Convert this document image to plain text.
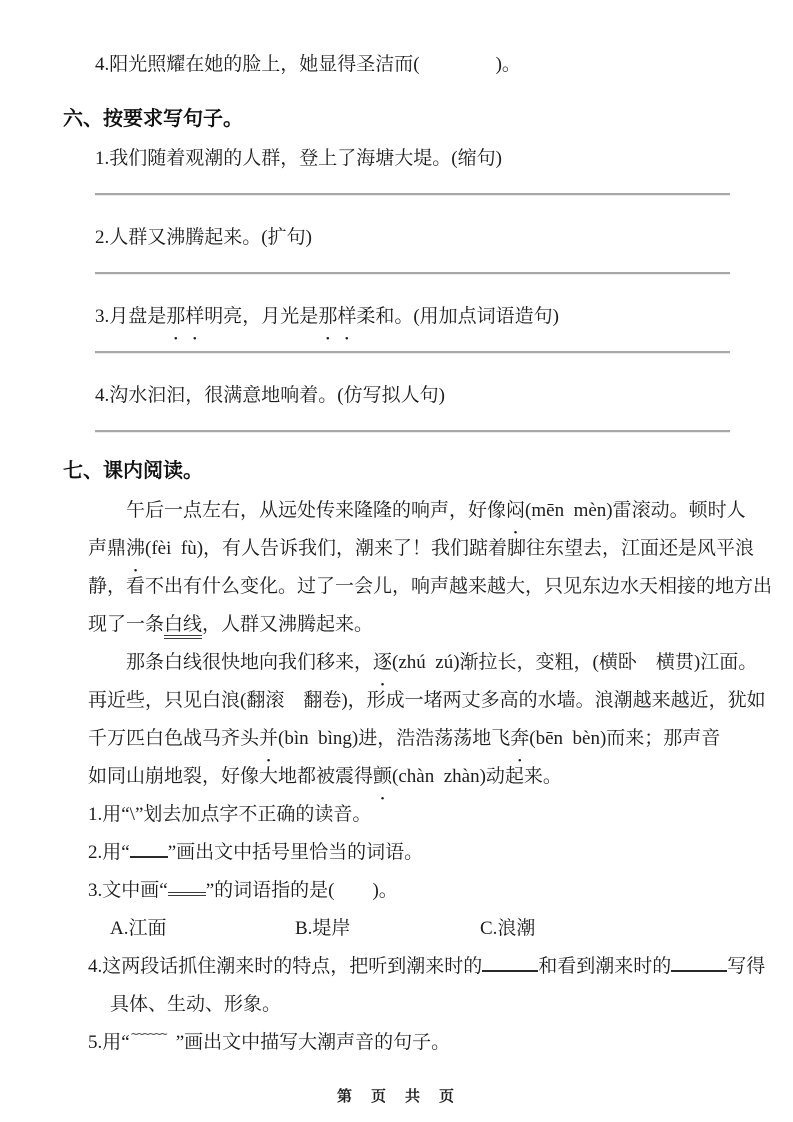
4.阳光照耀在她的脸上，她显得圣洁而(　　　　)。
六、按要求写句子。
1.我们随着观潮的人群，登上了海塘大堤。(缩句)
2.人群又沸腾起来。(扩句)
3.月盘是那样明亮，月光是那样柔和。(用加点词语造句)
4.沟水汩汩，很满意地响着。(仿写拟人句)
七、课内阅读。
午后一点左右，从远处传来隆隆的响声，好像闷(mēn  mèn)雷滚动。顿时人
声鼎沸(fèi  fù)，有人告诉我们，潮来了！我们踮着脚往东望去，江面还是风平浪
静，看不出有什么变化。过了一会儿，响声越来越大，只见东边水天相接的地方出
现了一条白线，人群又沸腾起来。
那条白线很快地向我们移来，逐(zhú  zú)渐拉长，变粗，(横卧　横贯)江面。
再近些，只见白浪(翻滚　翻卷)，形成一堵两丈多高的水墙。浪潮越来越近，犹如
千万匹白色战马齐头并(bìn  bìng)进，浩浩荡荡地飞奔(bēn  bèn)而来；那声音
如同山崩地裂，好像大地都被震得颤(chàn  zhàn)动起来。
1.用“\”划去加点字不正确的读音。
2.用“ ”画出文中括号里恰当的词语。
3.文中画“ ”的词语指的是(　　)。
A.江面	B.堤岸	C.浪潮
4.这两段话抓住潮来时的特点，把听到潮来时的	和看到潮来时的	写得
具体、生动、形象。
5.用“ ~~~~~~ ”画出文中描写大潮声音的句子。
第　页　共　页
